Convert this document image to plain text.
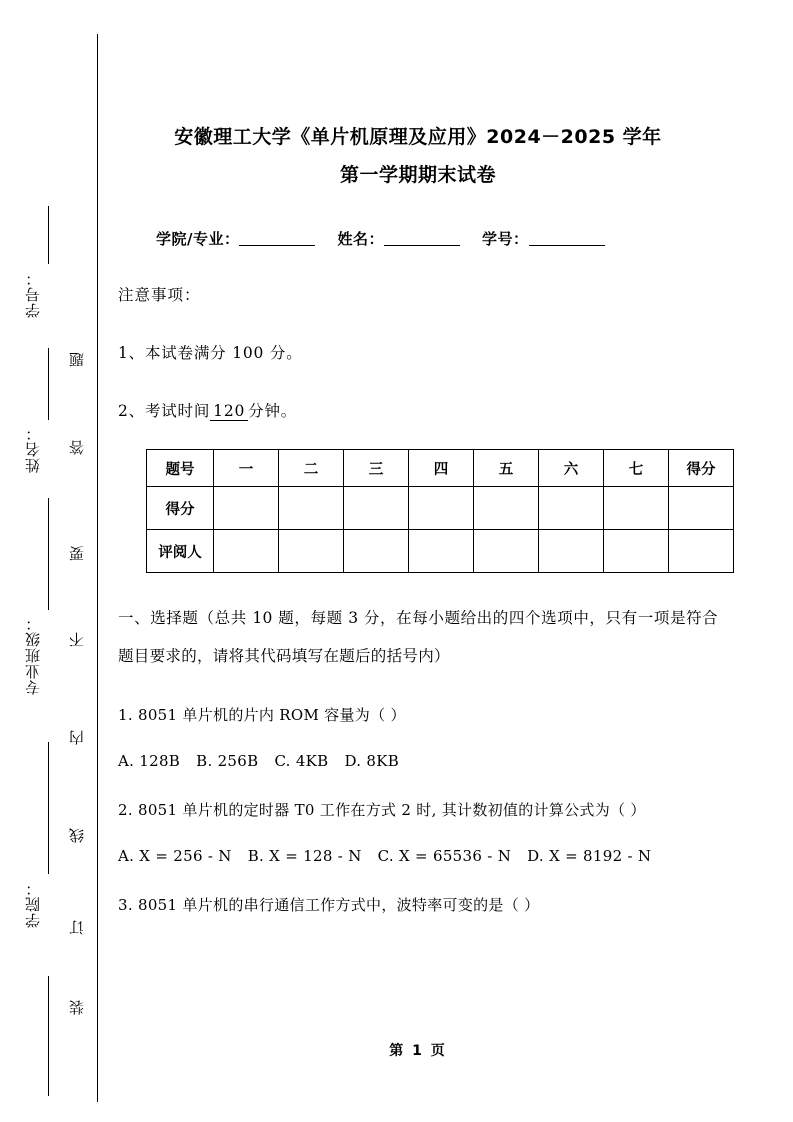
学号：
姓名：
专业班级：
学院：
题
答
要
不
内
线
订
装
安徽理工大学《单片机原理及应用》2024－2025 学年
第一学期期末试卷
学院/专业：	姓名：	学号：
注意事项：
1、本试卷满分 100 分。
2、考试时间 120 分钟。
题号	一	二	三	四	五	六	七	得分
得分								
评阅人								
一、选择题（总共 10 题，每题 3 分，在每小题给出的四个选项中，只有一项是符合题目要求的，请将其代码填写在题后的括号内）
1. 8051 单片机的片内 ROM 容量为（ ）
A. 128B B. 256B C. 4KB D. 8KB
2. 8051 单片机的定时器 T0 工作在方式 2 时, 其计数初值的计算公式为（ ）
A. X = 256 - N B. X = 128 - N C. X = 65536 - N D. X = 8192 - N
3. 8051 单片机的串行通信工作方式中，波特率可变的是（ ）
第 1 页
